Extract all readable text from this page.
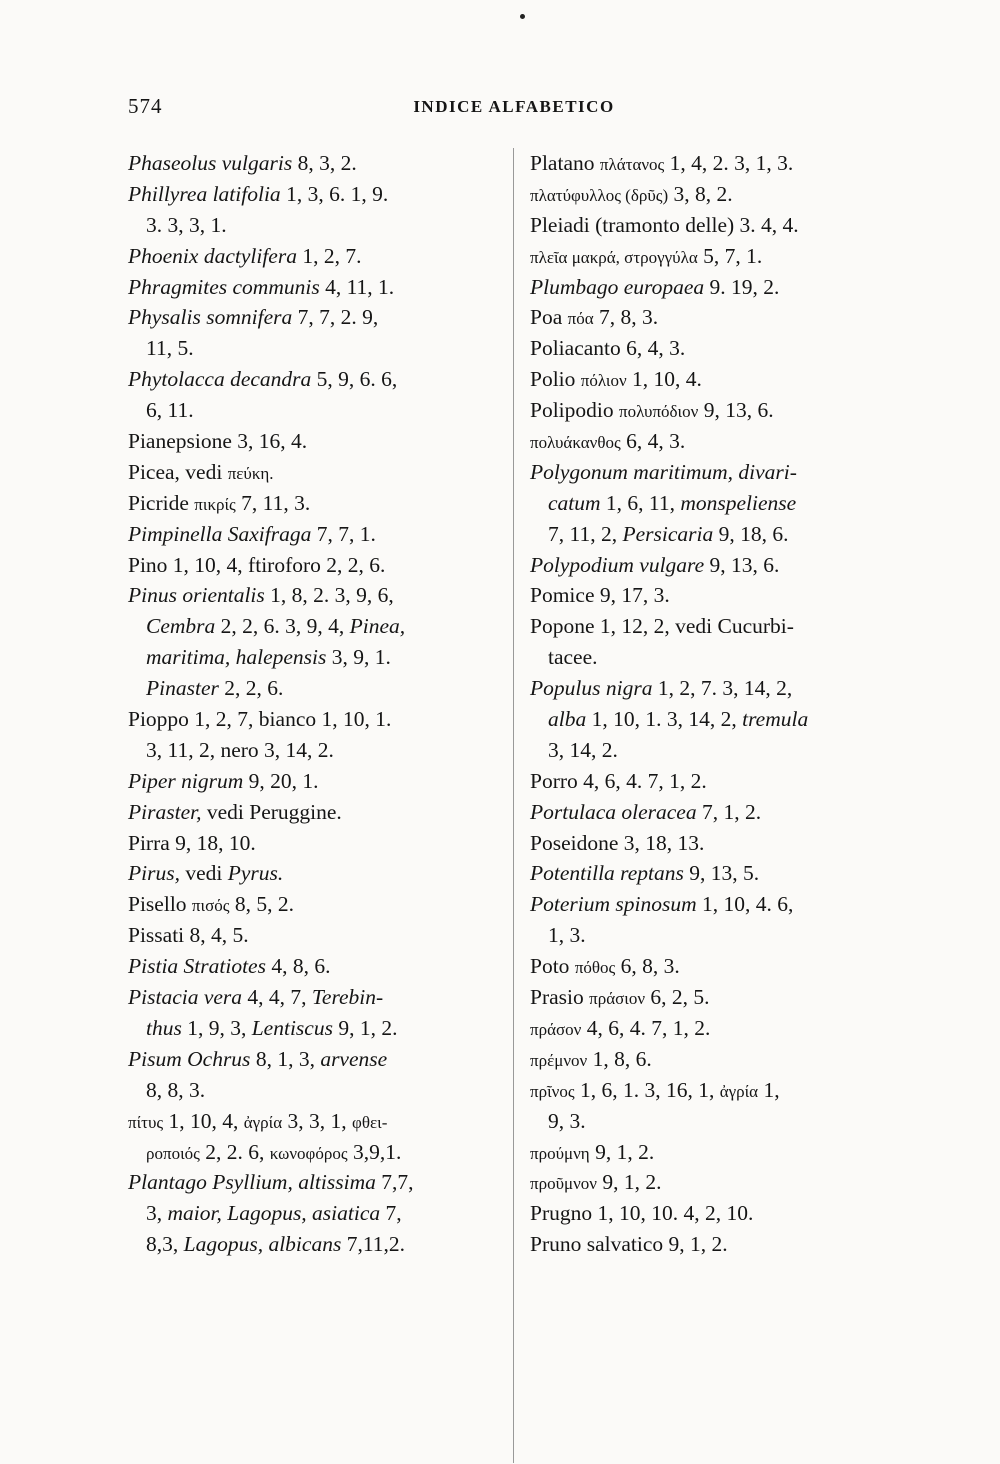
574	INDICE ALFABETICO
Phaseolus vulgaris 8, 3, 2.
Phillyrea latifolia 1, 3, 6. 1, 9.
3. 3, 3, 1.
Phoenix dactylifera 1, 2, 7.
Phragmites communis 4, 11, 1.
Physalis somnifera 7, 7, 2. 9,
11, 5.
Phytolacca decandra 5, 9, 6. 6,
6, 11.
Pianepsione 3, 16, 4.
Picea, vedi πεύκη.
Picride πικρίς 7, 11, 3.
Pimpinella Saxifraga 7, 7, 1.
Pino 1, 10, 4, ftiroforo 2, 2, 6.
Pinus orientalis 1, 8, 2. 3, 9, 6,
Cembra 2, 2, 6. 3, 9, 4, Pinea,
maritima, halepensis 3, 9, 1.
Pinaster 2, 2, 6.
Pioppo 1, 2, 7, bianco 1, 10, 1.
3, 11, 2, nero 3, 14, 2.
Piper nigrum 9, 20, 1.
Piraster, vedi Peruggine.
Pirra 9, 18, 10.
Pirus, vedi Pyrus.
Pisello πισός 8, 5, 2.
Pissati 8, 4, 5.
Pistia Stratiotes 4, 8, 6.
Pistacia vera 4, 4, 7, Terebin-
thus 1, 9, 3, Lentiscus 9, 1, 2.
Pisum Ochrus 8, 1, 3, arvense
8, 8, 3.
πίτυς 1, 10, 4, ἀγρία 3, 3, 1, φθει-
ροποιός 2, 2. 6, κωνοφόρος 3,9,1.
Plantago Psyllium, altissima 7,7,
3, maior, Lagopus, asiatica 7,
8,3, Lagopus, albicans 7,11,2.
Platano πλάτανος 1, 4, 2. 3, 1, 3.
πλατύφυλλος (δρῦς) 3, 8, 2.
Pleiadi (tramonto delle) 3. 4, 4.
πλεῖα μακρά, στρογγύλα 5, 7, 1.
Plumbago europaea 9. 19, 2.
Poa πόα 7, 8, 3.
Poliacanto 6, 4, 3.
Polio πόλιον 1, 10, 4.
Polipodio πολυπόδιον 9, 13, 6.
πολυάκανθος 6, 4, 3.
Polygonum maritimum, divari-
catum 1, 6, 11, monspeliense
7, 11, 2, Persicaria 9, 18, 6.
Polypodium vulgare 9, 13, 6.
Pomice 9, 17, 3.
Popone 1, 12, 2, vedi Cucurbi-
tacee.
Populus nigra 1, 2, 7. 3, 14, 2,
alba 1, 10, 1. 3, 14, 2, tremula
3, 14, 2.
Porro 4, 6, 4. 7, 1, 2.
Portulaca oleracea 7, 1, 2.
Poseidone 3, 18, 13.
Potentilla reptans 9, 13, 5.
Poterium spinosum 1, 10, 4. 6,
1, 3.
Poto πόθος 6, 8, 3.
Prasio πράσιον 6, 2, 5.
πράσον 4, 6, 4. 7, 1, 2.
πρέμνον 1, 8, 6.
πρῖνος 1, 6, 1. 3, 16, 1, ἀγρία 1,
9, 3.
προύμνη 9, 1, 2.
προῦμνον 9, 1, 2.
Prugno 1, 10, 10. 4, 2, 10.
Pruno salvatico 9, 1, 2.
